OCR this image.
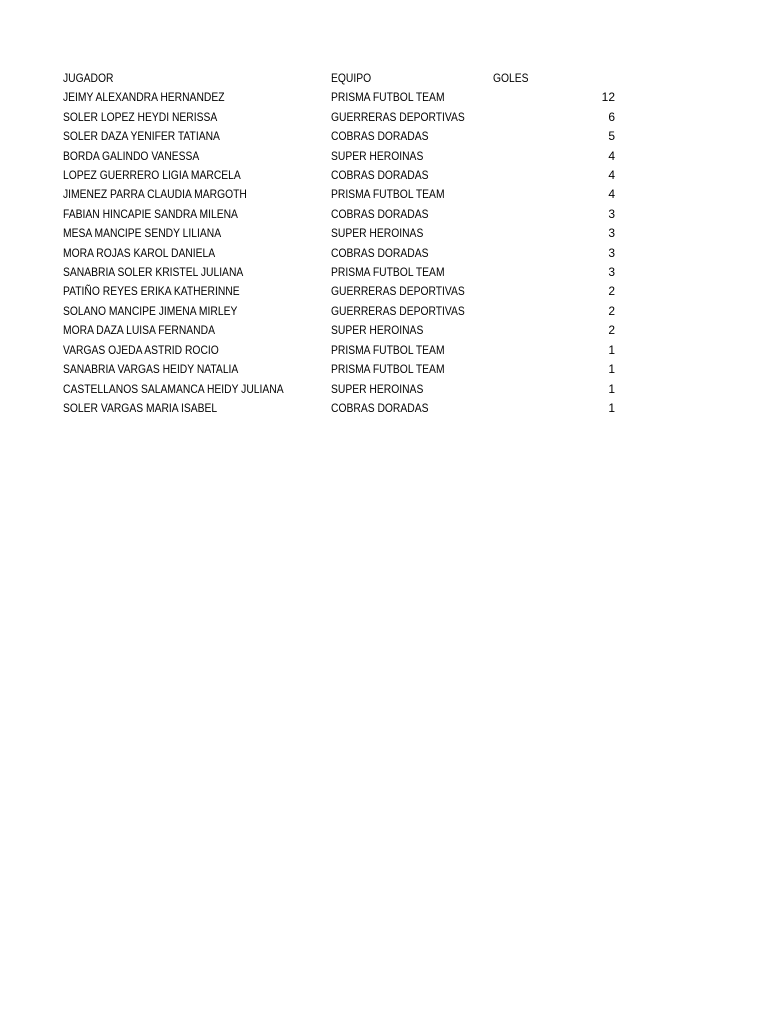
JUGADOR	EQUIPO	GOLES
JEIMY ALEXANDRA HERNANDEZ	PRISMA FUTBOL TEAM	12
SOLER LOPEZ HEYDI NERISSA	GUERRERAS DEPORTIVAS	6
SOLER DAZA YENIFER TATIANA	COBRAS DORADAS	5
BORDA GALINDO VANESSA	SUPER HEROINAS	4
LOPEZ GUERRERO LIGIA MARCELA	COBRAS DORADAS	4
JIMENEZ PARRA CLAUDIA MARGOTH	PRISMA FUTBOL TEAM	4
FABIAN HINCAPIE SANDRA MILENA	COBRAS DORADAS	3
MESA MANCIPE SENDY LILIANA	SUPER HEROINAS	3
MORA ROJAS KAROL DANIELA	COBRAS DORADAS	3
SANABRIA SOLER KRISTEL JULIANA	PRISMA FUTBOL TEAM	3
PATIÑO REYES ERIKA KATHERINNE	GUERRERAS DEPORTIVAS	2
SOLANO MANCIPE JIMENA MIRLEY	GUERRERAS DEPORTIVAS	2
MORA DAZA LUISA FERNANDA	SUPER HEROINAS	2
VARGAS OJEDA ASTRID ROCIO	PRISMA FUTBOL TEAM	1
SANABRIA VARGAS HEIDY NATALIA	PRISMA FUTBOL TEAM	1
CASTELLANOS SALAMANCA HEIDY JULIANA	SUPER HEROINAS	1
SOLER VARGAS MARIA ISABEL	COBRAS DORADAS	1
